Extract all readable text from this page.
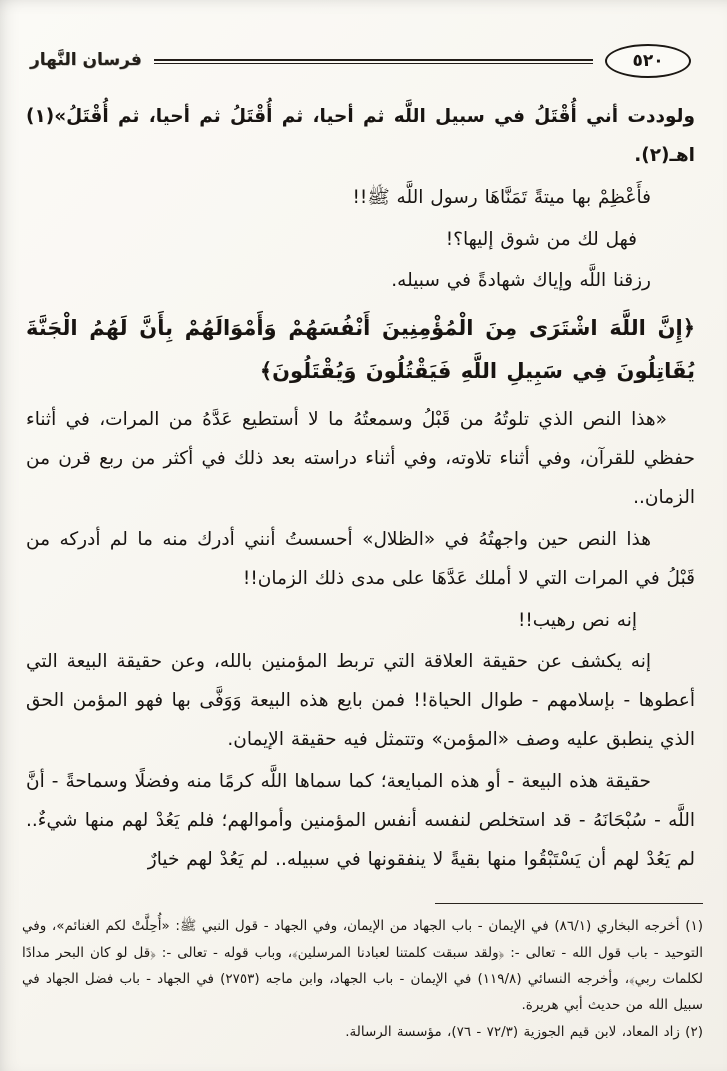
٥٢٠
فرسان النَّهار

ولوددت أني أُقْتَلُ في سبيل اللَّه ثم أحيا، ثم أُقْتَلُ ثم أحيا، ثم أُقْتَلُ»(١) اهـ(٢).

فأَعْظِمْ بها ميتةً تَمَنَّاهَا رسول اللَّه ﷺ!!

فهل لك من شوق إليها؟!

رزقنا اللَّه وإياك شهادةً في سبيله.

﴿إِنَّ اللَّهَ اشْتَرَى مِنَ الْمُؤْمِنِينَ أَنْفُسَهُمْ وَأَمْوَالَهُمْ بِأَنَّ لَهُمُ الْجَنَّةَ يُقَاتِلُونَ فِي سَبِيلِ اللَّهِ فَيَقْتُلُونَ وَيُقْتَلُونَ﴾

«هذا النص الذي تلوتُهُ من قَبْلُ وسمعتُهُ ما لا أستطيع عَدَّهُ من المرات، في أثناء حفظي للقرآن، وفي أثناء تلاوته، وفي أثناء دراسته بعد ذلك في أكثر من ربع قرن من الزمان..

هذا النص حين واجهتُهُ في «الظلال» أحسستُ أنني أدرك منه ما لم أدركه من قَبْلُ في المرات التي لا أملك عَدَّهَا على مدى ذلك الزمان!!

إنه نص رهيب!!

إنه يكشف عن حقيقة العلاقة التي تربط المؤمنين بالله، وعن حقيقة البيعة التي أعطوها - بإسلامهم - طوال الحياة!! فمن بايع هذه البيعة وَوَفَّى بها فهو المؤمن الحق الذي ينطبق عليه وصف «المؤمن» وتتمثل فيه حقيقة الإيمان.

حقيقة هذه البيعة - أو هذه المبايعة؛ كما سماها اللَّه كرمًا منه وفضلًا وسماحةً - أنَّ اللَّه - سُبْحَانَهُ - قد استخلص لنفسه أنفس المؤمنين وأموالهم؛ فلم يَعُدْ لهم منها شيءٌ.. لم يَعُدْ لهم أن يَسْتَبْقُوا منها بقيةً لا ينفقونها في سبيله.. لم يَعُدْ لهم خيارٌ

(١) أخرجه البخاري (٨٦/١) في الإيمان - باب الجهاد من الإيمان، وفي الجهاد - قول النبي ﷺ: «أُحِلَّتْ لكم الغنائم»، وفي التوحيد - باب قول الله - تعالى -: ﴿ولقد سبقت كلمتنا لعبادنا المرسلين﴾، وباب قوله - تعالى -: ﴿قل لو كان البحر مدادًا لكلمات ربي﴾، وأخرجه النسائي (١١٩/٨) في الإيمان - باب الجهاد، وابن ماجه (٢٧٥٣) في الجهاد - باب فضل الجهاد في سبيل الله من حديث أبي هريرة.

(٢) زاد المعاد، لابن قيم الجوزية (٧٢/٣ - ٧٦)، مؤسسة الرسالة.
